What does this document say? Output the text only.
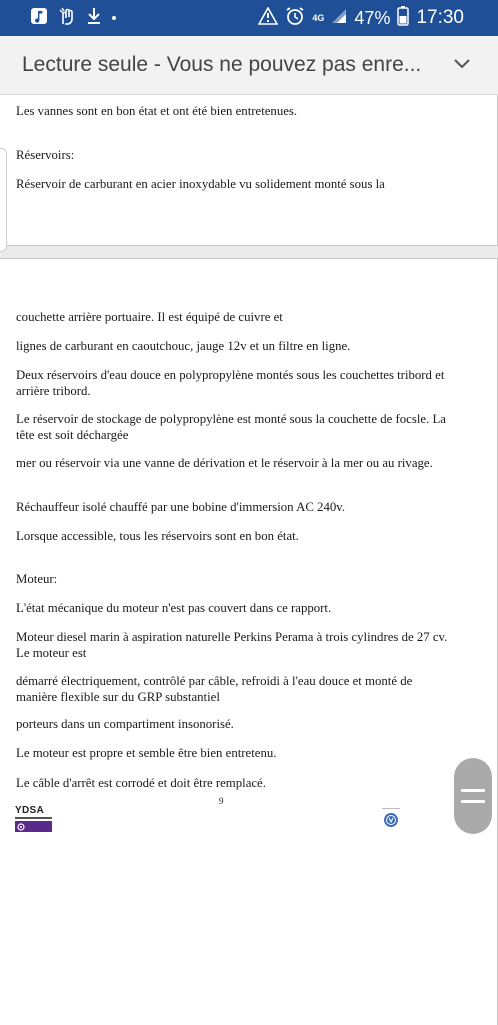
4G 47% 17:30
Lecture seule - Vous ne pouvez pas enre...

Les vannes sont en bon état et ont été bien entretenues.

Réservoirs:

Réservoir de carburant en acier inoxydable vu solidement monté sous la

couchette arrière portuaire. Il est équipé de cuivre et

lignes de carburant en caoutchouc, jauge 12v et un filtre en ligne.

Deux réservoirs d'eau douce en polypropylène montés sous les couchettes tribord et arrière tribord.

Le réservoir de stockage de polypropylène est monté sous la couchette de focsle. La tête est soit déchargée

mer ou réservoir via une vanne de dérivation et le réservoir à la mer ou au rivage.

Réchauffeur isolé chauffé par une bobine d'immersion AC 240v.

Lorsque accessible, tous les réservoirs sont en bon état.

Moteur:

L'état mécanique du moteur n'est pas couvert dans ce rapport.

Moteur diesel marin à aspiration naturelle Perkins Perama à trois cylindres de 27 cv. Le moteur est

démarré électriquement, contrôlé par câble, refroidi à l'eau douce et monté de manière flexible sur du GRP substantiel

porteurs dans un compartiment insonorisé.

Le moteur est propre et semble être bien entretenu.

Le câble d'arrêt est corrodé et doit être remplacé.

9
YDSA
